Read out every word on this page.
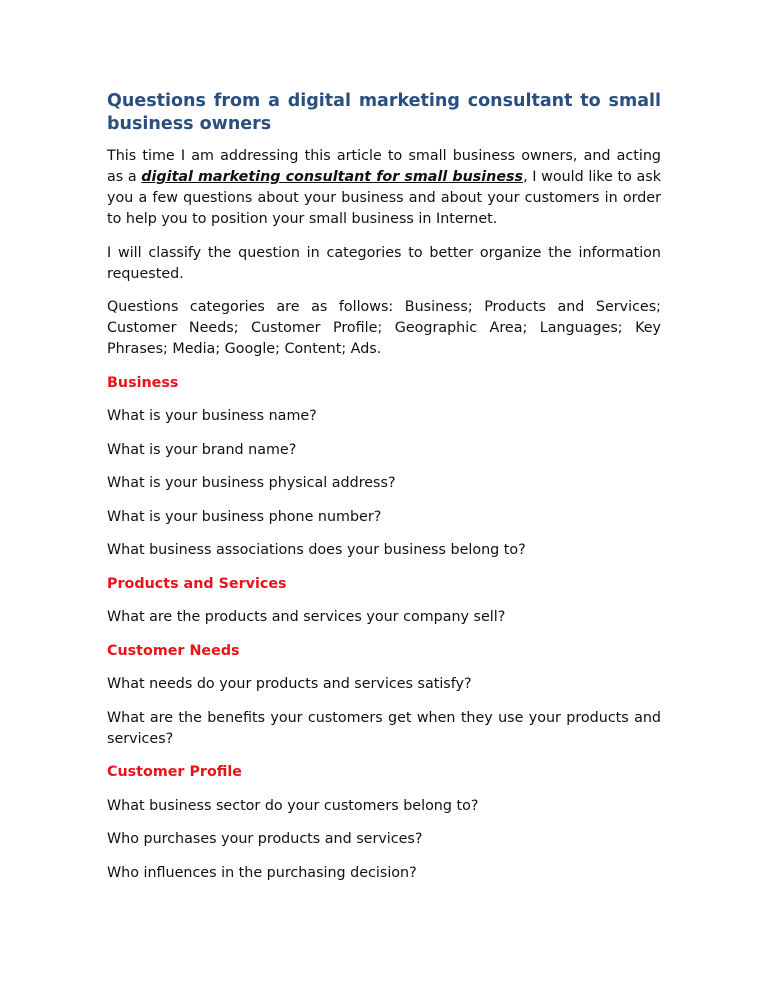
Questions from a digital marketing consultant to small business owners

This time I am addressing this article to small business owners, and acting as a digital marketing consultant for small business, I would like to ask you a few questions about your business and about your customers in order to help you to position your small business in Internet.

I will classify the question in categories to better organize the information requested.

Questions categories are as follows: Business; Products and Services; Customer Needs; Customer Profile; Geographic Area; Languages; Key Phrases; Media; Google; Content; Ads.

Business

What is your business name?

What is your brand name?

What is your business physical address?

What is your business phone number?

What business associations does your business belong to?

Products and Services

What are the products and services your company sell?

Customer Needs

What needs do your products and services satisfy?

What are the benefits your customers get when they use your products and services?

Customer Profile

What business sector do your customers belong to?

Who purchases your products and services?

Who influences in the purchasing decision?
